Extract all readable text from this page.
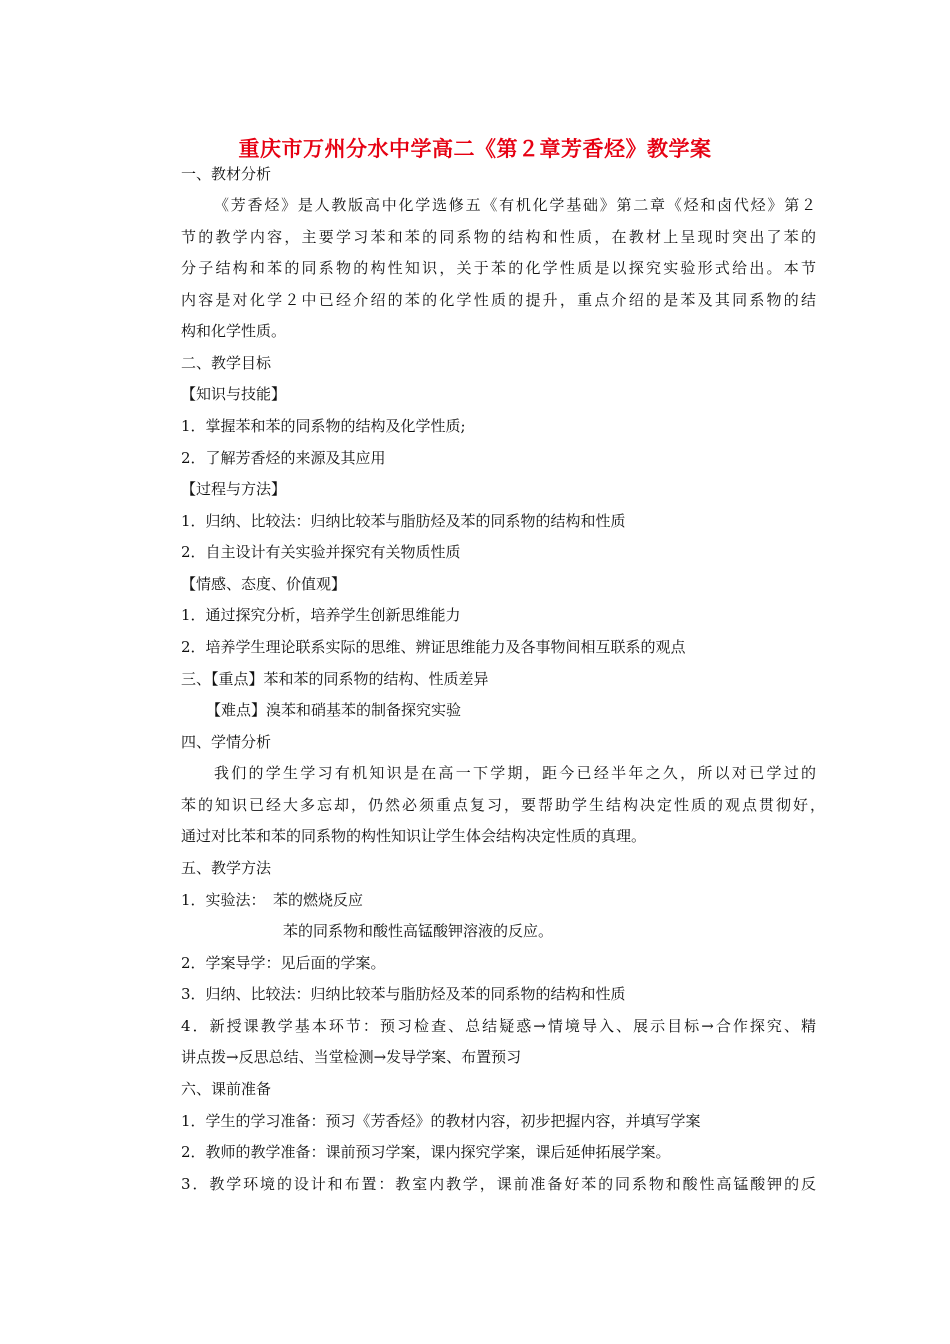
重庆市万州分水中学高二《第２章芳香烃》教学案
一、教材分析
《芳香烃》是人教版高中化学选修五《有机化学基础》第二章《烃和卤代烃》第２
节的教学内容，主要学习苯和苯的同系物的结构和性质，在教材上呈现时突出了苯的
分子结构和苯的同系物的构性知识，关于苯的化学性质是以探究实验形式给出。本节
内容是对化学２中已经介绍的苯的化学性质的提升，重点介绍的是苯及其同系物的结
构和化学性质。
二、教学目标
【知识与技能】
1．掌握苯和苯的同系物的结构及化学性质;
2．了解芳香烃的来源及其应用
【过程与方法】
1．归纳、比较法：归纳比较苯与脂肪烃及苯的同系物的结构和性质
2．自主设计有关实验并探究有关物质性质
【情感、态度、价值观】
1．通过探究分析，培养学生创新思维能力
2．培养学生理论联系实际的思维、辨证思维能力及各事物间相互联系的观点
三、【重点】苯和苯的同系物的结构、性质差异
【难点】溴苯和硝基苯的制备探究实验
四、学情分析
我们的学生学习有机知识是在高一下学期，距今已经半年之久，所以对已学过的
苯的知识已经大多忘却，仍然必须重点复习，要帮助学生结构决定性质的观点贯彻好，
通过对比苯和苯的同系物的构性知识让学生体会结构决定性质的真理。
五、教学方法
1．实验法：　苯的燃烧反应
苯的同系物和酸性高锰酸钾溶液的反应。
2．学案导学：见后面的学案。
3．归纳、比较法：归纳比较苯与脂肪烃及苯的同系物的结构和性质
4．新授课教学基本环节：预习检查、总结疑惑→情境导入、展示目标→合作探究、精
讲点拨→反思总结、当堂检测→发导学案、布置预习
六、课前准备
1．学生的学习准备：预习《芳香烃》的教材内容，初步把握内容，并填写学案
2．教师的教学准备：课前预习学案，课内探究学案，课后延伸拓展学案。
3．教学环境的设计和布置：教室内教学，课前准备好苯的同系物和酸性高锰酸钾的反
